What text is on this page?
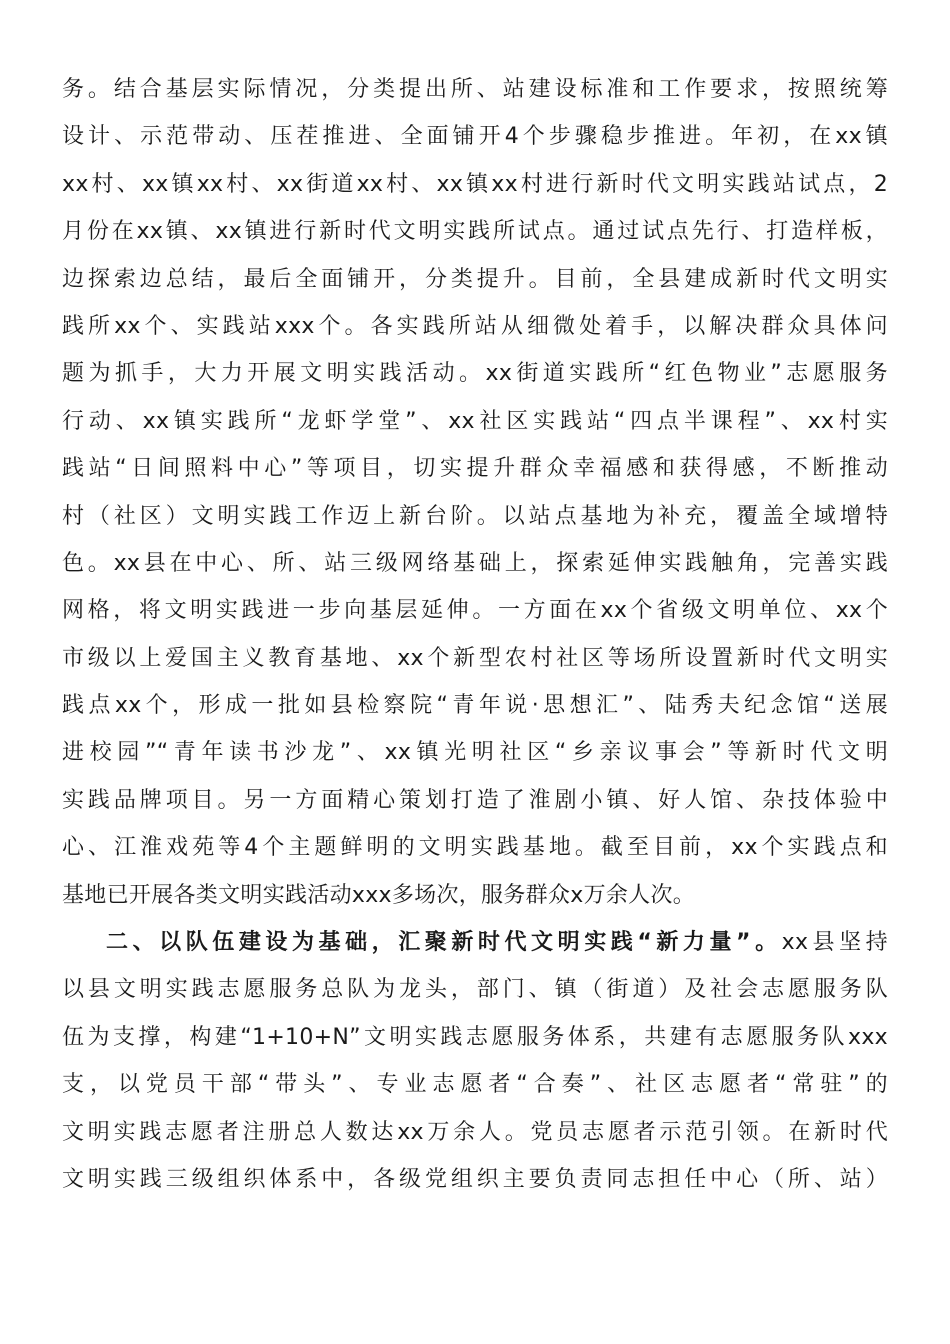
务。结合基层实际情况，分类提出所、站建设标准和工作要求，按照统筹
设计、示范带动、压茬推进、全面铺开4个步骤稳步推进。年初，在xx镇
xx村、xx镇xx村、xx街道xx村、xx镇xx村进行新时代文明实践站试点，2
月份在xx镇、xx镇进行新时代文明实践所试点。通过试点先行、打造样板，
边探索边总结，最后全面铺开，分类提升。目前，全县建成新时代文明实
践所xx个、实践站xxx个。各实践所站从细微处着手，以解决群众具体问
题为抓手，大力开展文明实践活动。xx街道实践所“红色物业”志愿服务
行动、xx镇实践所“龙虾学堂”、xx社区实践站“四点半课程”、xx村实
践站“日间照料中心”等项目，切实提升群众幸福感和获得感，不断推动
村（社区）文明实践工作迈上新台阶。以站点基地为补充，覆盖全域增特
色。xx县在中心、所、站三级网络基础上，探索延伸实践触角，完善实践
网格，将文明实践进一步向基层延伸。一方面在xx个省级文明单位、xx个
市级以上爱国主义教育基地、xx个新型农村社区等场所设置新时代文明实
践点xx个，形成一批如县检察院“青年说·思想汇”、陆秀夫纪念馆“送展
进校园”“青年读书沙龙”、xx镇光明社区“乡亲议事会”等新时代文明
实践品牌项目。另一方面精心策划打造了淮剧小镇、好人馆、杂技体验中
心、江淮戏苑等4个主题鲜明的文明实践基地。截至目前，xx个实践点和
基地已开展各类文明实践活动xxx多场次，服务群众x万余人次。
二、以队伍建设为基础，汇聚新时代文明实践“新力量”。xx县坚持
以县文明实践志愿服务总队为龙头，部门、镇（街道）及社会志愿服务队
伍为支撑，构建“1+10+N”文明实践志愿服务体系，共建有志愿服务队xxx
支，以党员干部“带头”、专业志愿者“合奏”、社区志愿者“常驻”的
文明实践志愿者注册总人数达xx万余人。党员志愿者示范引领。在新时代
文明实践三级组织体系中，各级党组织主要负责同志担任中心（所、站）
